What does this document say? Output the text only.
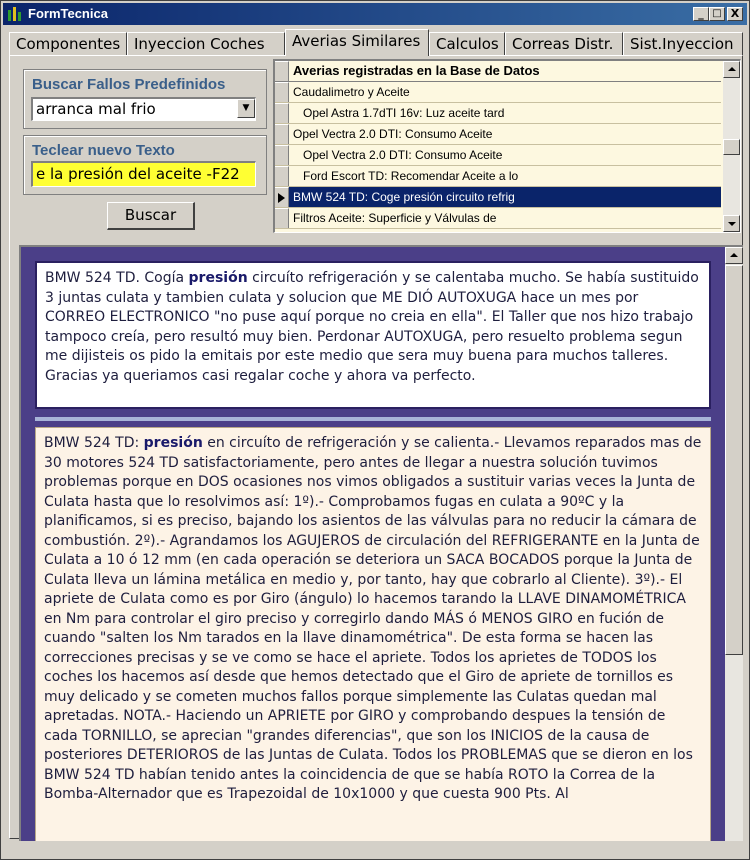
FormTecnica	_ □ X
Componentes Inyeccion Coches	Averias Similares	Calculos Correas Distr.	Sist.Inyeccion
Buscar Fallos Predefinidos
arranca mal frio	▼
Teclear nuevo Texto
e la presión del aceite -F22
Buscar
Averias registradas en la Base de Datos
Caudalimetro y Aceite
Opel Astra 1.7dTI 16v: Luz aceite tard
Opel Vectra 2.0 DTI: Consumo Aceite
Opel Vectra 2.0 DTI: Consumo Aceite
Ford Escort TD: Recomendar Aceite a lo
BMW 524 TD: Coge presión circuito refrig
Filtros Aceite: Superficie y Válvulas de
BMW 524 TD. Cogía presión circuíto refrigeración y se calentaba mucho. Se había sustituido 3 juntas culata y tambien culata y solucion que ME DIÓ AUTOXUGA hace un mes por CORREO ELECTRONICO "no puse aquí porque no creia en ella". El Taller que nos hizo trabajo tampoco creía, pero resultó muy bien. Perdonar AUTOXUGA, pero resuelto problema segun me dijisteis os pido la emitais por este medio que sera muy buena para muchos talleres. Gracias ya queriamos casi regalar coche y ahora va perfecto.
BMW 524 TD: presión en circuíto de refrigeración y se calienta.- Llevamos reparados mas de 30 motores 524 TD satisfactoriamente, pero antes de llegar a nuestra solución tuvimos problemas porque en DOS ocasiones nos vimos obligados a sustituir varias veces la Junta de Culata hasta que lo resolvimos así: 1º).- Comprobamos fugas en culata a 90ºC y la planificamos, si es preciso, bajando los asientos de las válvulas para no reducir la cámara de combustión. 2º).- Agrandamos los AGUJEROS de circulación del REFRIGERANTE en la Junta de Culata a 10 ó 12 mm (en cada operación se deteriora un SACA BOCADOS porque la Junta de Culata lleva un lámina metálica en medio y, por tanto, hay que cobrarlo al Cliente). 3º).- El apriete de Culata como es por Giro (ángulo) lo hacemos tarando la LLAVE DINAMOMÉTRICA en Nm para controlar el giro preciso y corregirlo dando MÁS ó MENOS GIRO en fución de cuando "salten los Nm tarados en la llave dinamométrica". De esta forma se hacen las correcciones precisas y se ve como se hace el apriete. Todos los aprietes de TODOS los coches los hacemos así desde que hemos detectado que el Giro de apriete de tornillos es muy delicado y se cometen muchos fallos porque simplemente las Culatas quedan mal apretadas. NOTA.- Haciendo un APRIETE por GIRO y comprobando despues la tensión de cada TORNILLO, se aprecian "grandes diferencias", que son los INICIOS de la causa de posteriores DETERIOROS de las Juntas de Culata. Todos los PROBLEMAS que se dieron en los BMW 524 TD habían tenido antes la coincidencia de que se había ROTO la Correa de la Bomba-Alternador que es Trapezoidal de 10x1000 y que cuesta 900 Pts. Al
